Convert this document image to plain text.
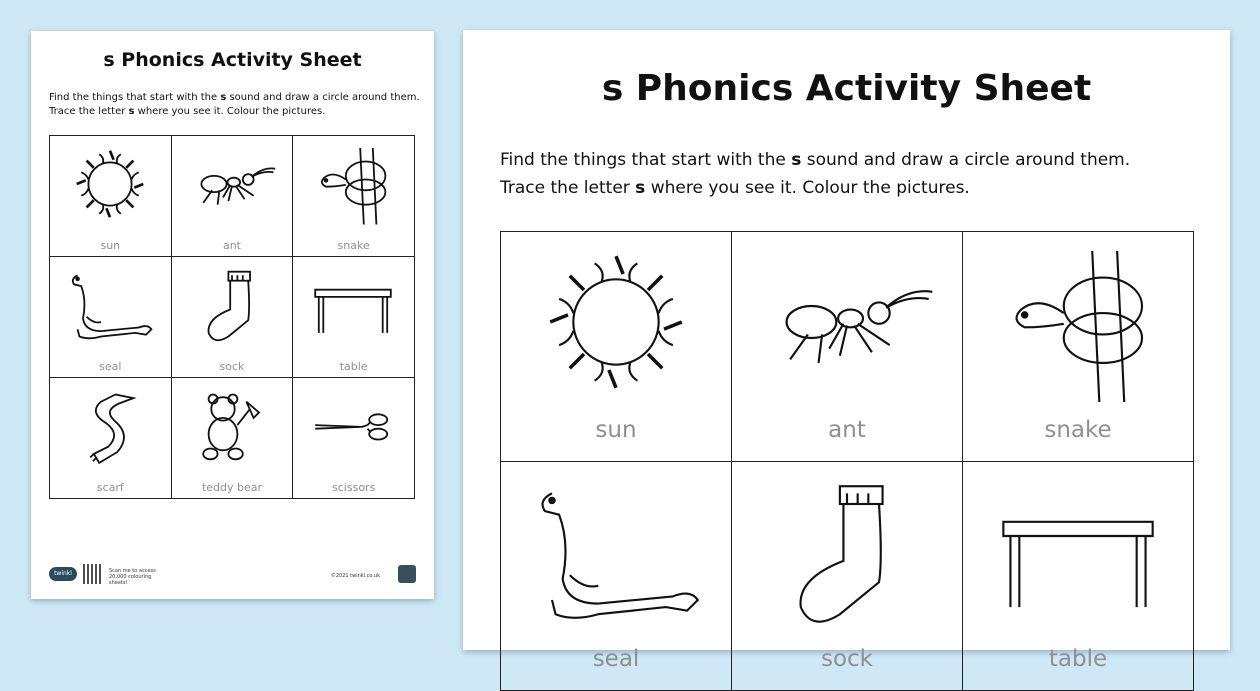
s Phonics Activity Sheet
Find the things that start with the s sound and draw a circle around them.
Trace the letter s where you see it. Colour the pictures.
sun	ant	snake
seal	sock	table
scarf	teddy bear	scissors
twinkl	Scan me to access 20,000 colouring sheets!
©2021 twinkl.co.uk
s Phonics Activity Sheet
Find the things that start with the s sound and draw a circle around them.
Trace the letter s where you see it. Colour the pictures.
sun	ant	snake
seal	sock	table
